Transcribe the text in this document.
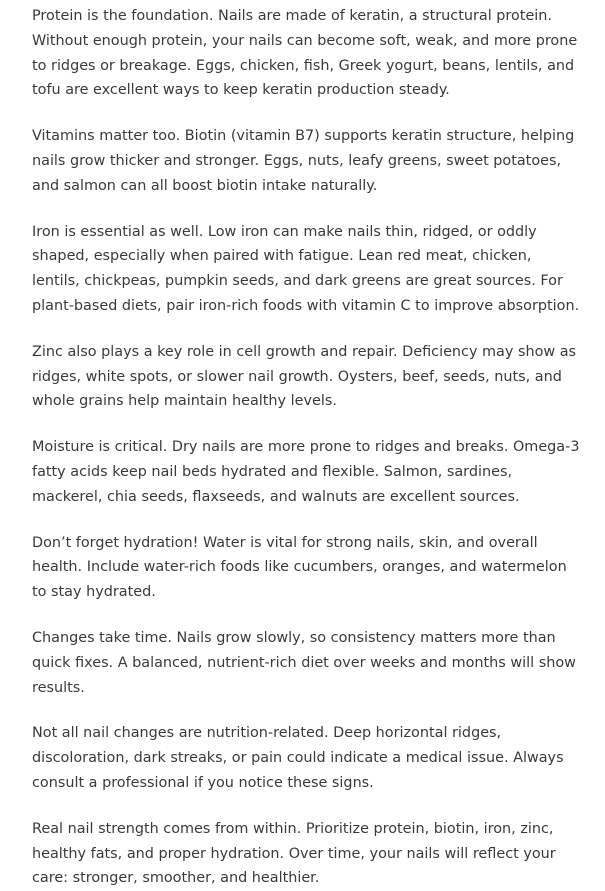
Protein is the foundation. Nails are made of keratin, a structural protein. Without enough protein, your nails can become soft, weak, and more prone to ridges or breakage. Eggs, chicken, fish, Greek yogurt, beans, lentils, and tofu are excellent ways to keep keratin production steady.

Vitamins matter too. Biotin (vitamin B7) supports keratin structure, helping nails grow thicker and stronger. Eggs, nuts, leafy greens, sweet potatoes, and salmon can all boost biotin intake naturally.

Iron is essential as well. Low iron can make nails thin, ridged, or oddly shaped, especially when paired with fatigue. Lean red meat, chicken, lentils, chickpeas, pumpkin seeds, and dark greens are great sources. For plant-based diets, pair iron-rich foods with vitamin C to improve absorption.

Zinc also plays a key role in cell growth and repair. Deficiency may show as ridges, white spots, or slower nail growth. Oysters, beef, seeds, nuts, and whole grains help maintain healthy levels.

Moisture is critical. Dry nails are more prone to ridges and breaks. Omega-3 fatty acids keep nail beds hydrated and flexible. Salmon, sardines, mackerel, chia seeds, flaxseeds, and walnuts are excellent sources.

Don’t forget hydration! Water is vital for strong nails, skin, and overall health. Include water-rich foods like cucumbers, oranges, and watermelon to stay hydrated.

Changes take time. Nails grow slowly, so consistency matters more than quick fixes. A balanced, nutrient-rich diet over weeks and months will show results.

Not all nail changes are nutrition-related. Deep horizontal ridges, discoloration, dark streaks, or pain could indicate a medical issue. Always consult a professional if you notice these signs.

Real nail strength comes from within. Prioritize protein, biotin, iron, zinc, healthy fats, and proper hydration. Over time, your nails will reflect your care: stronger, smoother, and healthier.
